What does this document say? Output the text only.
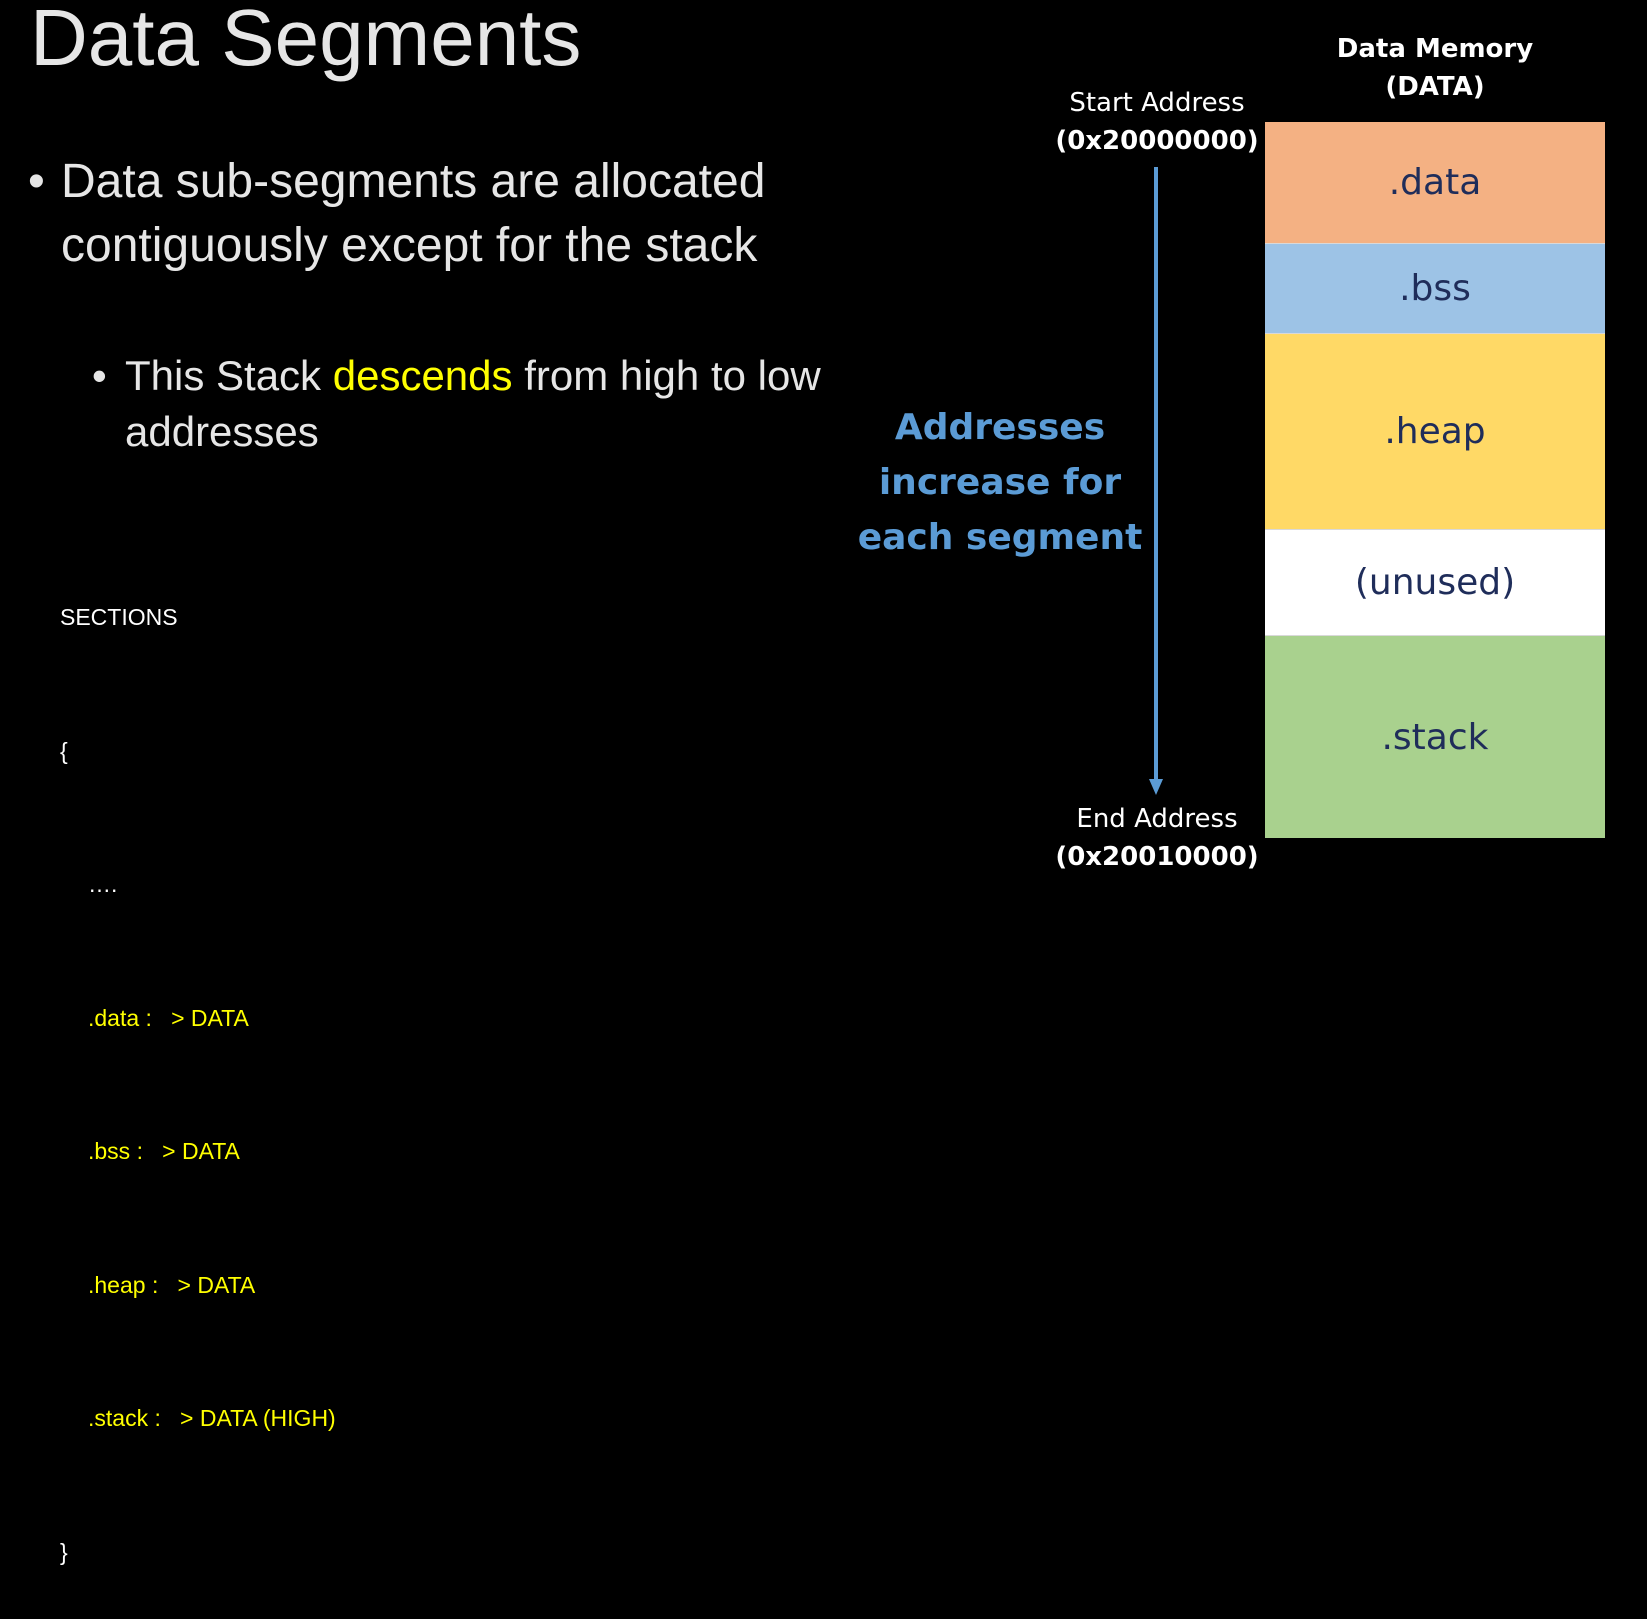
Data Segments
• Data sub-segments are allocated contiguously except for the stack
• This Stack descends from high to low addresses

SECTIONS

{

….

.data :   > DATA

.bss :   > DATA

.heap :   > DATA

.stack :   > DATA (HIGH)

}

Data Memory
(DATA)
Start Address
(0x20000000)
Addresses
increase for
each segment
End Address
(0x20010000)
.data
.bss
.heap
(unused)
.stack
